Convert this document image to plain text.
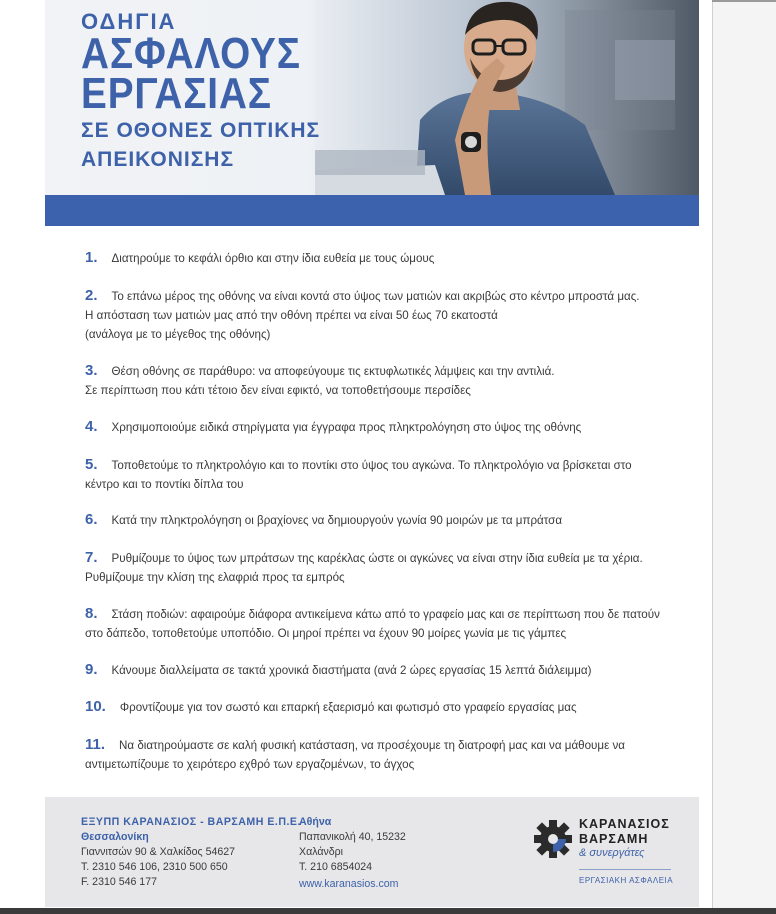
ΟΔΗΓΙΑ
ΑΣΦΑΛΟΥΣ
ΕΡΓΑΣΙΑΣ
ΣΕ ΟΘΟΝΕΣ ΟΠΤΙΚΗΣ
ΑΠΕΙΚΟΝΙΣΗΣ
1. Διατηρούμε το κεφάλι όρθιο και στην ίδια ευθεία με τους ώμους
2. Το επάνω μέρος της οθόνης να είναι κοντά στο ύψος των ματιών και ακριβώς στο κέντρο μπροστά μας.
Η απόσταση των ματιών μας από την οθόνη πρέπει να είναι 50 έως 70 εκατοστά
(ανάλογα με το μέγεθος της οθόνης)
3. Θέση οθόνης σε παράθυρο: να αποφεύγουμε τις εκτυφλωτικές λάμψεις και την αντιλιά.
Σε περίπτωση που κάτι τέτοιο δεν είναι εφικτό, να τοποθετήσουμε περσίδες
4. Χρησιμοποιούμε ειδικά στηρίγματα για έγγραφα προς πληκτρολόγηση στο ύψος της οθόνης
5. Τοποθετούμε το πληκτρολόγιο και το ποντίκι στο ύψος του αγκώνα. Το πληκτρολόγιο να βρίσκεται στο
κέντρο και το ποντίκι δίπλα του
6. Κατά την πληκτρολόγηση οι βραχίονες να δημιουργούν γωνία 90 μοιρών με τα μπράτσα
7. Ρυθμίζουμε το ύψος των μπράτσων της καρέκλας ώστε οι αγκώνες να είναι στην ίδια ευθεία με τα χέρια.
Ρυθμίζουμε την κλίση της ελαφριά προς τα εμπρός
8. Στάση ποδιών: αφαιρούμε διάφορα αντικείμενα κάτω από το γραφείο μας και σε περίπτωση που δε πατούν
στο δάπεδο, τοποθετούμε υποπόδιο. Οι μηροί πρέπει να έχουν 90 μοίρες γωνία με τις γάμπες
9. Κάνουμε διαλλείματα σε τακτά χρονικά διαστήματα (ανά 2 ώρες εργασίας 15 λεπτά διάλειμμα)
10. Φροντίζουμε για τον σωστό και επαρκή εξαερισμό και φωτισμό στο γραφείο εργασίας μας
11. Να διατηρούμαστε σε καλή φυσική κατάσταση, να προσέχουμε τη διατροφή μας και να μάθουμε να
αντιμετωπίζουμε το χειρότερο εχθρό των εργαζομένων, το άγχος
ΕΞΥΠΠ ΚΑΡΑΝΑΣΙΟΣ - ΒΑΡΣΑΜΗ Ε.Π.Ε.
Θεσσαλονίκη
Γιαννιτσών 90 & Χαλκίδος 54627
T. 2310 546 106, 2310 500 650
F. 2310 546 177
Αθήνα
Παπανικολή 40, 15232
Χαλάνδρι
T. 210 6854024
www.karanasios.com
ΚΑΡΑΝΑΣΙΟΣ
ΒΑΡΣΑΜΗ
& συνεργάτες
ΕΡΓΑΣΙΑΚΗ ΑΣΦΑΛΕΙΑ
